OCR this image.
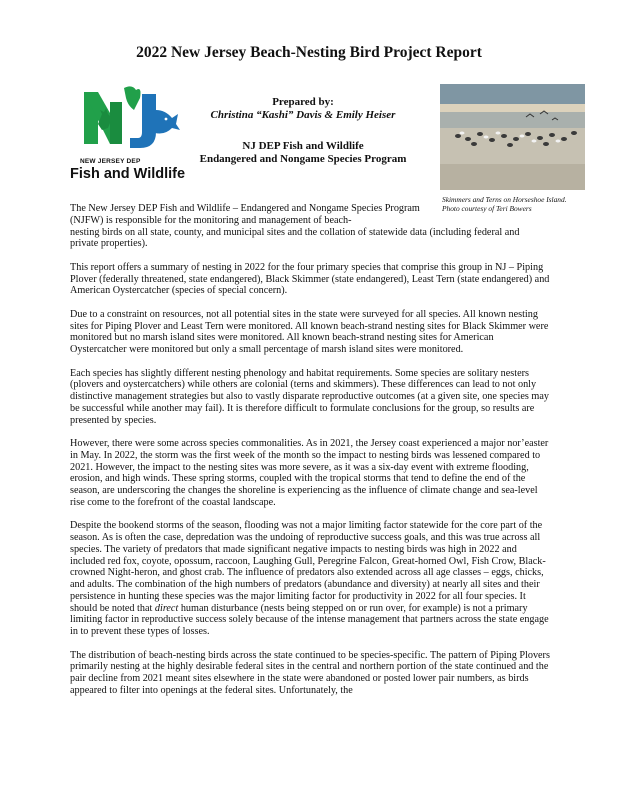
2022 New Jersey Beach-Nesting Bird Project Report
NEW JERSEY DEP
Fish and Wildlife
Prepared by:
Christina “Kashi” Davis & Emily Heiser
NJ DEP Fish and Wildlife
Endangered and Nongame Species Program
Skimmers and Terns on Horseshoe Island.
Photo courtesy of Teri Bowers

The New Jersey DEP Fish and Wildlife – Endangered and Nongame Species Program (NJFW) is responsible for the monitoring and management of beach-
nesting birds on all state, county, and municipal sites and the collation of statewide data (including federal and private properties).

This report offers a summary of nesting in 2022 for the four primary species that comprise this group in NJ – Piping Plover (federally threatened, state endangered), Black Skimmer (state endangered), Least Tern (state endangered) and American Oystercatcher (species of special concern).

Due to a constraint on resources, not all potential sites in the state were surveyed for all species. All known nesting sites for Piping Plover and Least Tern were monitored. All known beach-strand nesting sites for Black Skimmer were monitored but no marsh island sites were monitored. All known beach-strand nesting sites for American Oystercatcher were monitored but only a small percentage of marsh island sites were monitored.

Each species has slightly different nesting phenology and habitat requirements. Some species are solitary nesters (plovers and oystercatchers) while others are colonial (terns and skimmers). These differences can lead to not only distinctive management strategies but also to vastly disparate reproductive outcomes (at a given site, one species may be successful while another may fail). It is therefore difficult to formulate conclusions for the group, so results are presented by species.

However, there were some across species commonalities. As in 2021, the Jersey coast experienced a major nor’easter in May. In 2022, the storm was the first week of the month so the impact to nesting birds was lessened compared to 2021. However, the impact to the nesting sites was more severe, as it was a six-day event with extreme flooding, erosion, and high winds. These spring storms, coupled with the tropical storms that tend to define the end of the season, are underscoring the changes the shoreline is experiencing as the influence of climate change and sea-level rise come to the forefront of the coastal landscape.

Despite the bookend storms of the season, flooding was not a major limiting factor statewide for the core part of the season. As is often the case, depredation was the undoing of reproductive success goals, and this was true across all species. The variety of predators that made significant negative impacts to nesting birds was high in 2022 and included red fox, coyote, opossum, raccoon, Laughing Gull, Peregrine Falcon, Great-horned Owl, Fish Crow, Black-crowned Night-heron, and ghost crab. The influence of predators also extended across all age classes – eggs, chicks, and adults. The combination of the high numbers of predators (abundance and diversity) at nearly all sites and their persistence in hunting these species was the major limiting factor for productivity in 2022 for all four species. It should be noted that direct human disturbance (nests being stepped on or run over, for example) is not a primary limiting factor in reproductive success solely because of the intense management that partners across the state engage in to prevent these types of losses.

The distribution of beach-nesting birds across the state continued to be species-specific. The pattern of Piping Plovers primarily nesting at the highly desirable federal sites in the central and northern portion of the state continued and the pair decline from 2021 meant sites elsewhere in the state were abandoned or posted lower pair numbers, as birds appeared to filter into openings at the federal sites. Unfortunately, the
